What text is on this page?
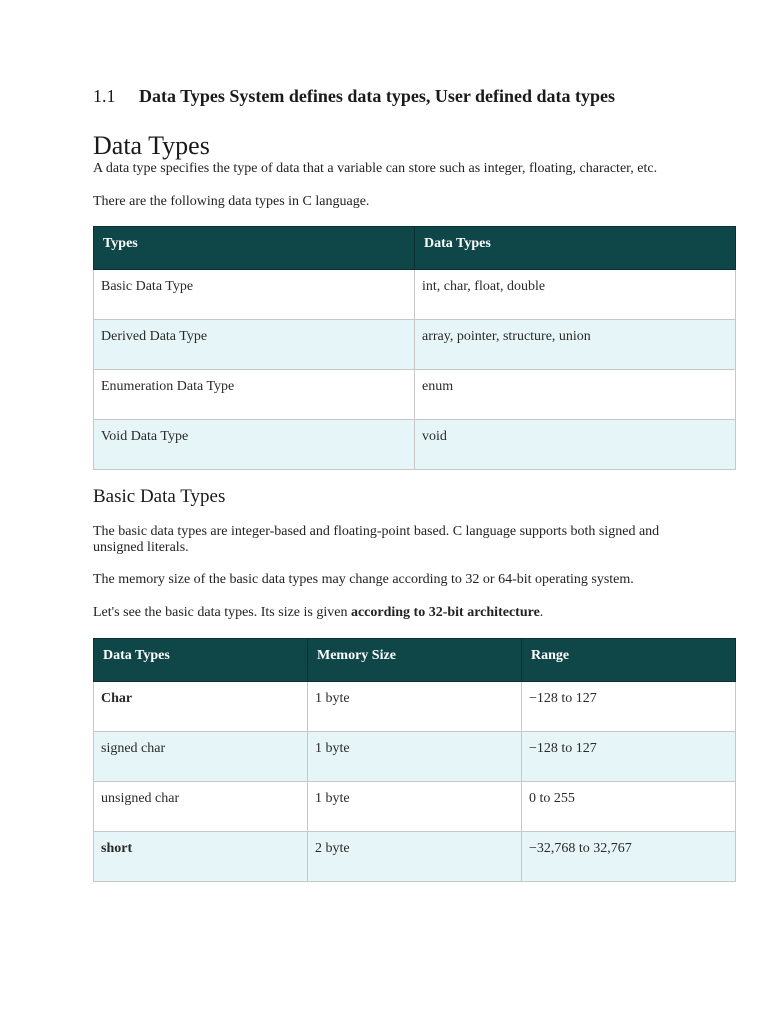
1.1	Data Types System defines data types, User defined data types
Data Types

A data type specifies the type of data that a variable can store such as integer, floating, character, etc.

There are the following data types in C language.

Types	Data Types
Basic Data Type	int, char, float, double
Derived Data Type	array, pointer, structure, union
Enumeration Data Type	enum
Void Data Type	void
Basic Data Types

The basic data types are integer-based and floating-point based. C language supports both signed and unsigned literals.

The memory size of the basic data types may change according to 32 or 64-bit operating system.

Let's see the basic data types. Its size is given according to 32-bit architecture.

Data Types	Memory Size	Range
Char	1 byte	−128 to 127
signed char	1 byte	−128 to 127
unsigned char	1 byte	0 to 255
short	2 byte	−32,768 to 32,767
